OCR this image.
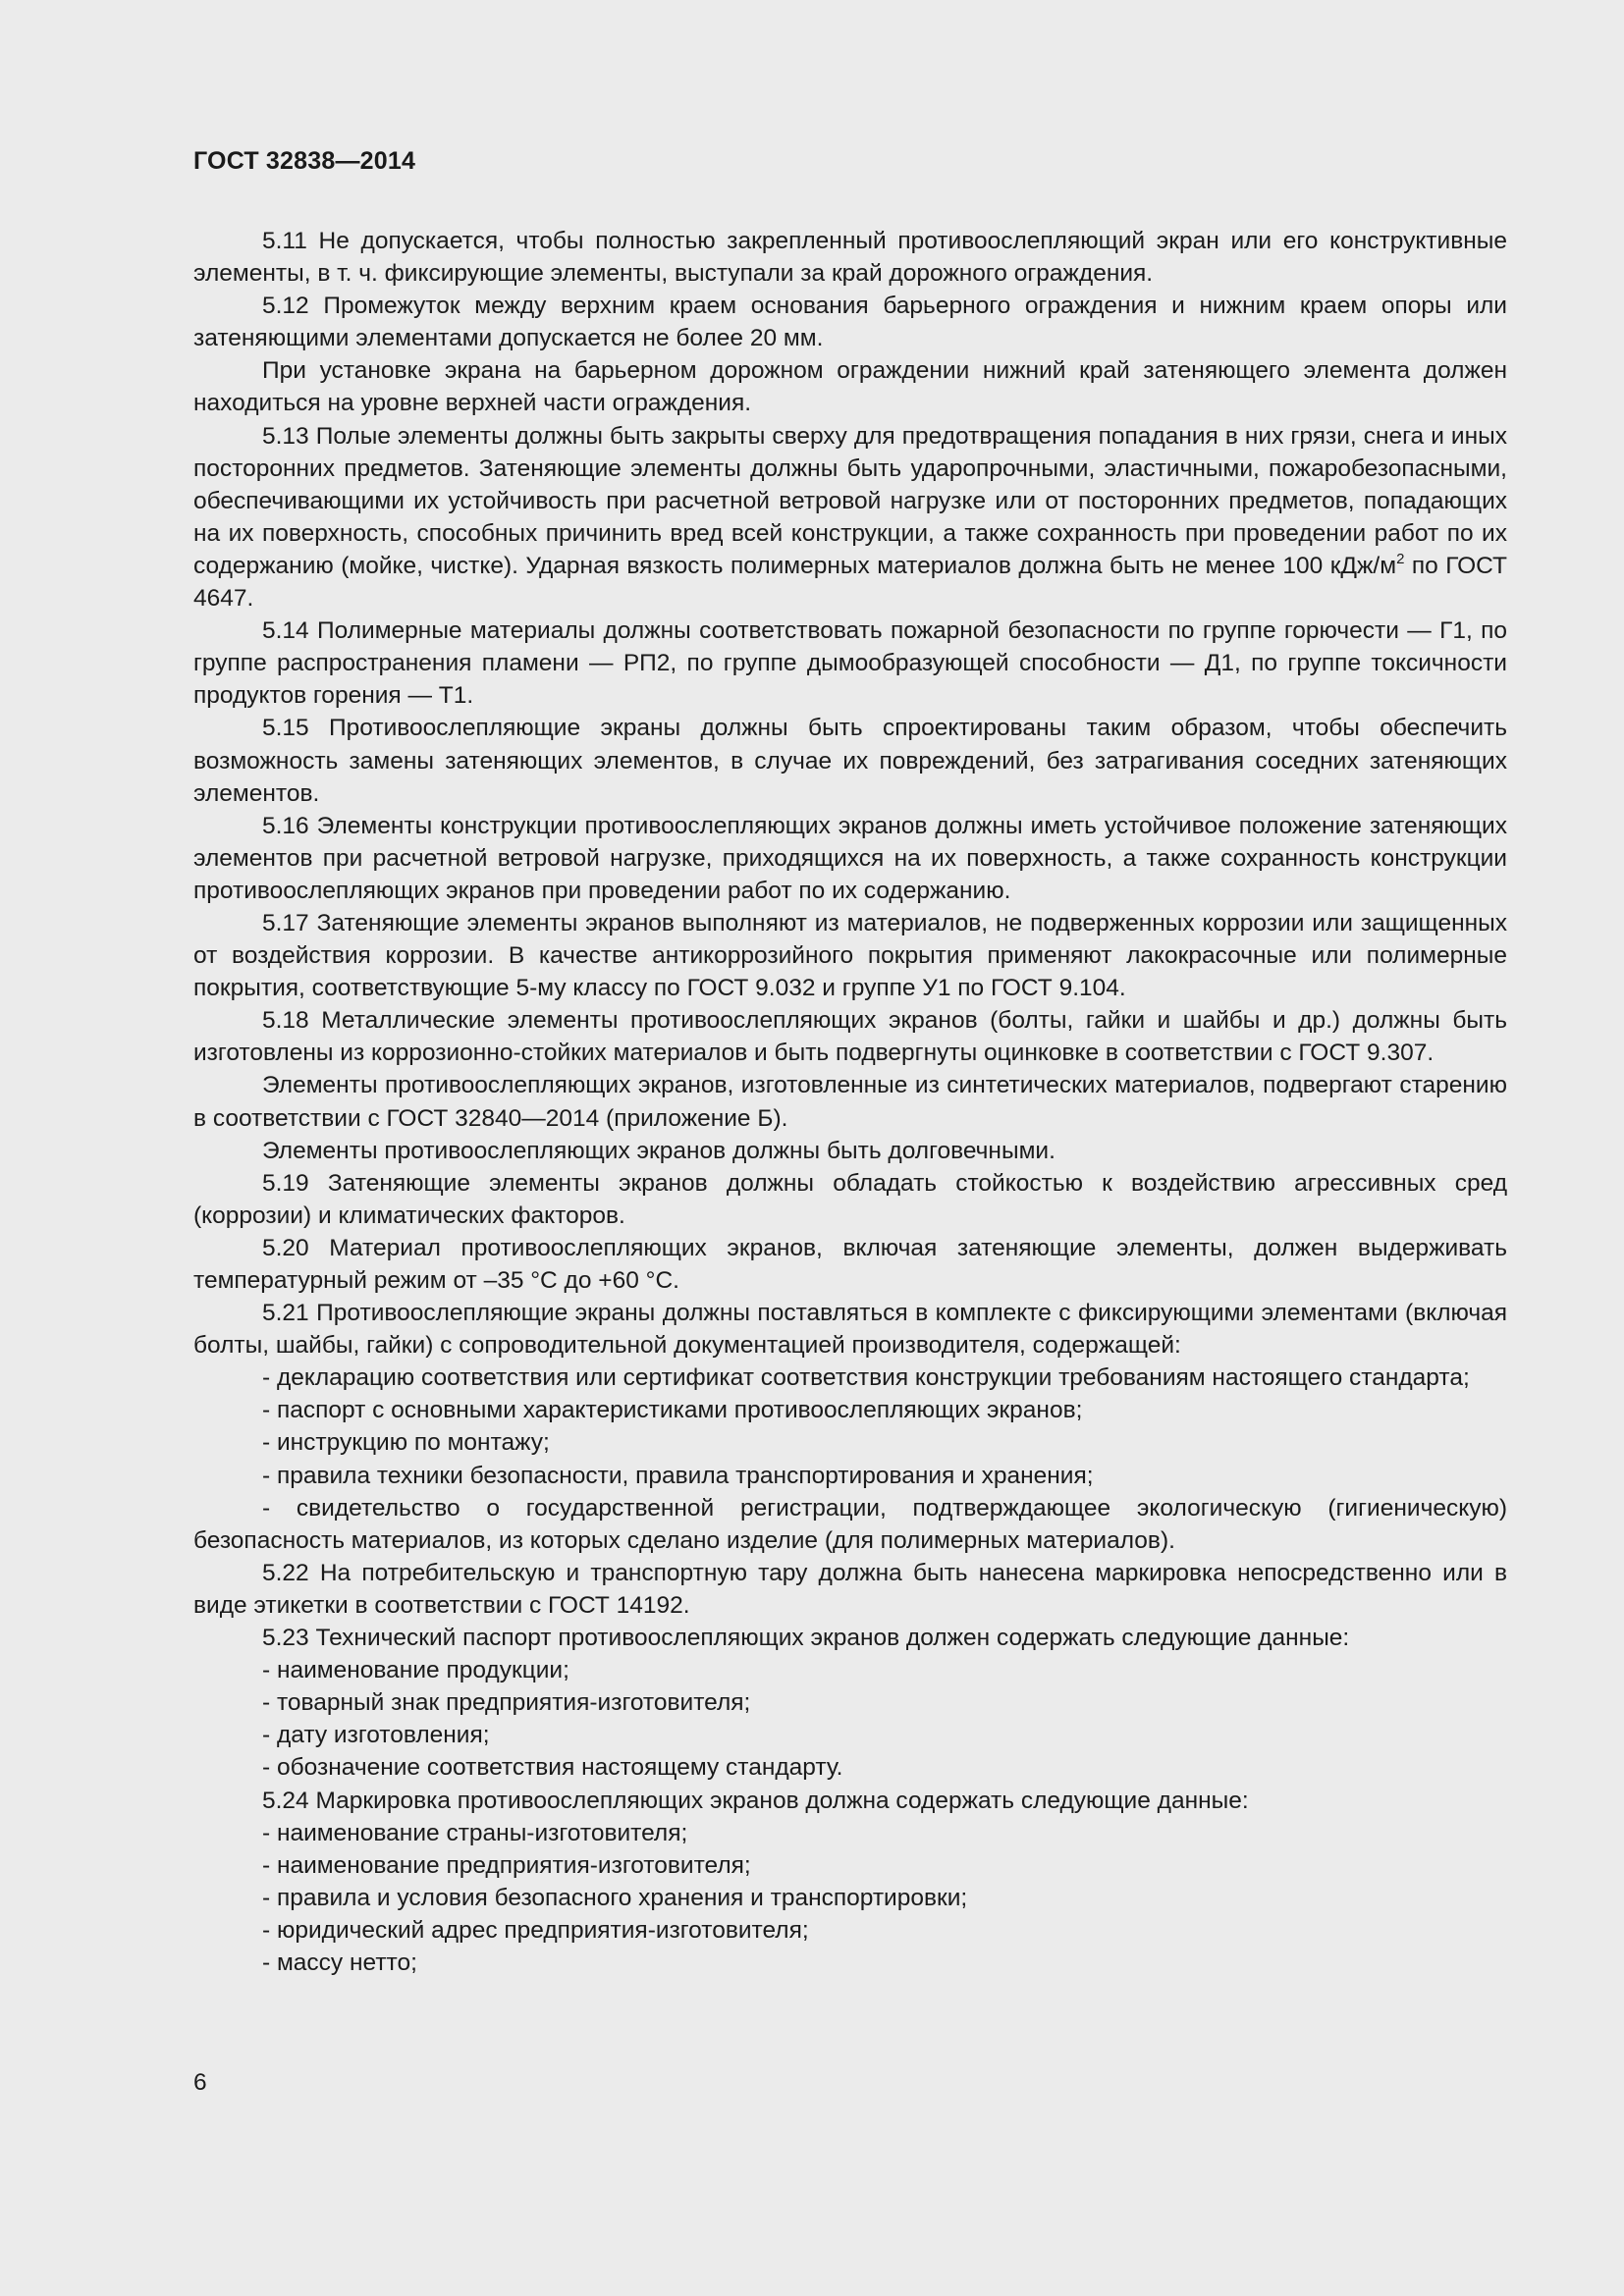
ГОСТ 32838—2014

5.11 Не допускается, чтобы полностью закрепленный противоослепляющий экран или его конструктивные элементы, в т. ч. фиксирующие элементы, выступали за край дорожного ограждения.

5.12 Промежуток между верхним краем основания барьерного ограждения и нижним краем опоры или затеняющими элементами допускается не более 20 мм.

При установке экрана на барьерном дорожном ограждении нижний край затеняющего элемента должен находиться на уровне верхней части ограждения.

5.13 Полые элементы должны быть закрыты сверху для предотвращения попадания в них грязи, снега и иных посторонних предметов. Затеняющие элементы должны быть ударопрочными, эластичными, пожаробезопасными, обеспечивающими их устойчивость при расчетной ветровой нагрузке или от посторонних предметов, попадающих на их поверхность, способных причинить вред всей конструкции, а также сохранность при проведении работ по их содержанию (мойке, чистке). Ударная вязкость полимерных материалов должна быть не менее 100 кДж/$м^2$ по ГОСТ 4647.

5.14 Полимерные материалы должны соответствовать пожарной безопасности по группе горючести — Г1, по группе распространения пламени — РП2, по группе дымообразующей способности — Д1, по группе токсичности продуктов горения — Т1.

5.15 Противоослепляющие экраны должны быть спроектированы таким образом, чтобы обеспечить возможность замены затеняющих элементов, в случае их повреждений, без затрагивания соседних затеняющих элементов.

5.16 Элементы конструкции противоослепляющих экранов должны иметь устойчивое положение затеняющих элементов при расчетной ветровой нагрузке, приходящихся на их поверхность, а также сохранность конструкции противоослепляющих экранов при проведении работ по их содержанию.

5.17 Затеняющие элементы экранов выполняют из материалов, не подверженных коррозии или защищенных от воздействия коррозии. В качестве антикоррозийного покрытия применяют лакокрасочные или полимерные покрытия, соответствующие 5-му классу по ГОСТ 9.032 и группе У1 по ГОСТ 9.104.

5.18 Металлические элементы противоослепляющих экранов (болты, гайки и шайбы и др.) должны быть изготовлены из коррозионно-стойких материалов и быть подвергнуты оцинковке в соответствии с ГОСТ 9.307.

Элементы противоослепляющих экранов, изготовленные из синтетических материалов, подвергают старению в соответствии с ГОСТ 32840—2014 (приложение Б).

Элементы противоослепляющих экранов должны быть долговечными.

5.19 Затеняющие элементы экранов должны обладать стойкостью к воздействию агрессивных сред (коррозии) и климатических факторов.

5.20 Материал противоослепляющих экранов, включая затеняющие элементы, должен выдерживать температурный режим от –35 °С до +60 °С.

5.21 Противоослепляющие экраны должны поставляться в комплекте с фиксирующими элементами (включая болты, шайбы, гайки) с сопроводительной документацией производителя, содержащей:

- декларацию соответствия или сертификат соответствия конструкции требованиям настоящего стандарта;

- паспорт с основными характеристиками противоослепляющих экранов;

- инструкцию по монтажу;

- правила техники безопасности, правила транспортирования и хранения;

- свидетельство о государственной регистрации, подтверждающее экологическую (гигиеническую) безопасность материалов, из которых сделано изделие (для полимерных материалов).

5.22 На потребительскую и транспортную тару должна быть нанесена маркировка непосредственно или в виде этикетки в соответствии с ГОСТ 14192.

5.23 Технический паспорт противоослепляющих экранов должен содержать следующие данные:

- наименование продукции;

- товарный знак предприятия-изготовителя;

- дату изготовления;

- обозначение соответствия настоящему стандарту.

5.24 Маркировка противоослепляющих экранов должна содержать следующие данные:

- наименование страны-изготовителя;

- наименование предприятия-изготовителя;

- правила и условия безопасного хранения и транспортировки;

- юридический адрес предприятия-изготовителя;

- массу нетто;

6
